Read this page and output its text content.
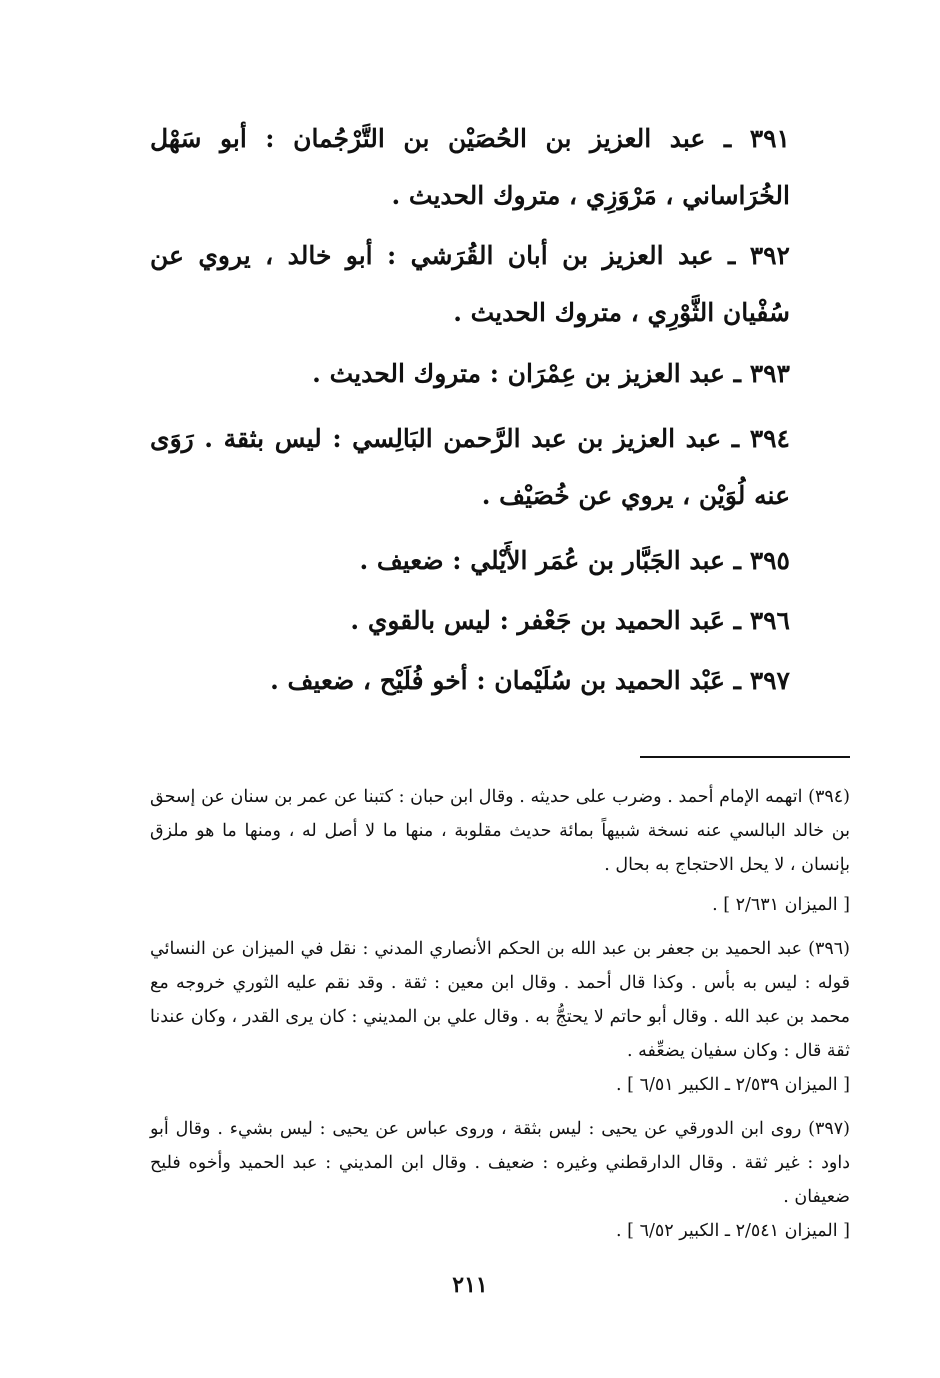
٣٩١ ـ عبد العزيز بن الحُصَيْن بن التَّرْجُمان : أبو سَهْل الخُرَاساني ، مَرْوَزِي ، متروك الحديث .

٣٩٢ ـ عبد العزيز بن أبان القُرَشي : أبو خالد ، يروي عن سُفْيان الثَّوْرِي ، متروك الحديث .

٣٩٣ ـ عبد العزيز بن عِمْرَان : متروك الحديث .

٣٩٤ ـ عبد العزيز بن عبد الرَّحمن البَالِسي : ليس بثقة . رَوَى عنه لُوَيْن ، يروي عن خُصَيْف .

٣٩٥ ـ عبد الجَبَّار بن عُمَر الأَيْلي : ضعيف .

٣٩٦ ـ عَبد الحميد بن جَعْفر : ليس بالقوي .

٣٩٧ ـ عَبْد الحميد بن سُلَيْمان : أخو فُلَيْح ، ضعيف .

(٣٩٤) اتهمه الإمام أحمد . وضرب على حديثه . وقال ابن حبان : كتبنا عن عمر بن سنان عن إسحق بن خالد البالسي عنه نسخة شبيهاً بمائة حديث مقلوبة ، منها ما لا أصل له ، ومنها ما هو ملزق بإنسان ، لا يحل الاحتجاج به بحال .

[ الميزان ٢/٦٣١ ] .

(٣٩٦) عبد الحميد بن جعفر بن عبد الله بن الحكم الأنصاري المدني : نقل في الميزان عن النسائي قوله : ليس به بأس . وكذا قال أحمد . وقال ابن معين : ثقة . وقد نقم عليه الثوري خروجه مع محمد بن عبد الله . وقال أبو حاتم لا يحتجُّ به . وقال علي بن المديني : كان يرى القدر ، وكان عندنا ثقة قال : وكان سفيان يضعِّفه .

[ الميزان ٢/٥٣٩ ـ الكبير ٦/٥١ ] .

(٣٩٧) روى ابن الدورقي عن يحيى : ليس بثقة ، وروى عباس عن يحيى : ليس بشيء . وقال أبو داود : غير ثقة . وقال الدارقطني وغيره : ضعيف . وقال ابن المديني : عبد الحميد وأخوه فليح ضعيفان .

[ الميزان ٢/٥٤١ ـ الكبير ٦/٥٢ ] .

٢١١
